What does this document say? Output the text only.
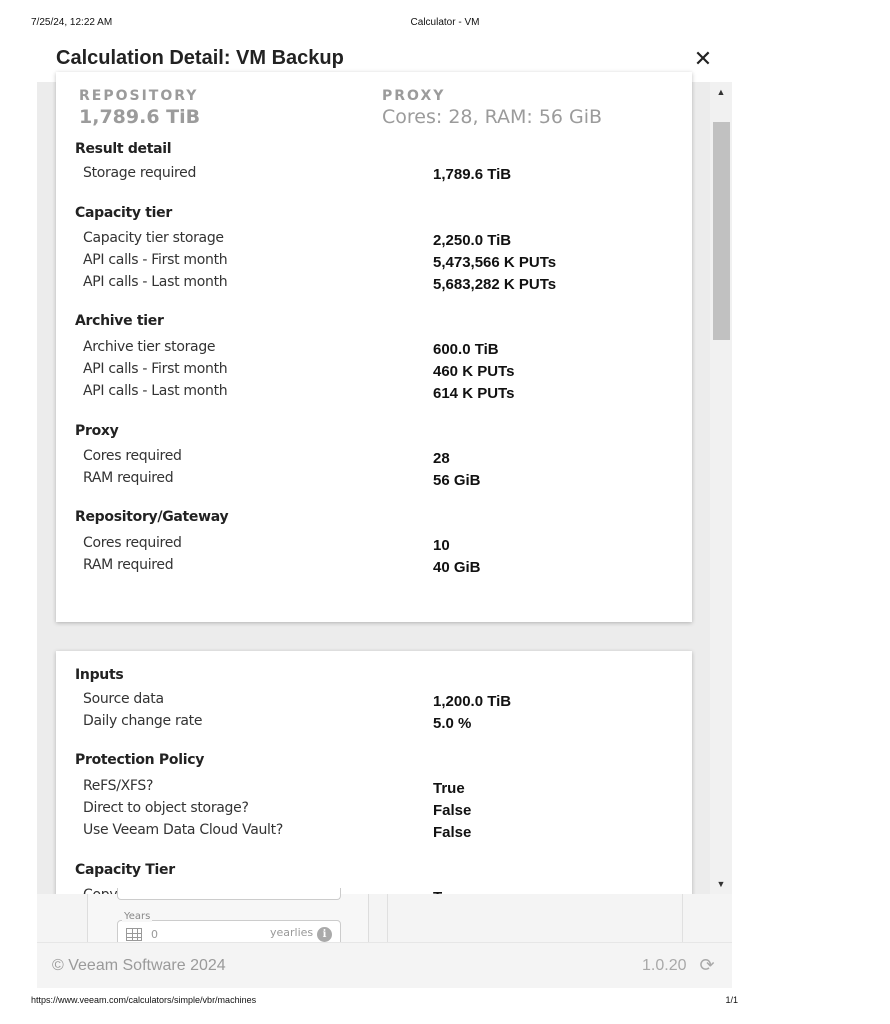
7/25/24, 12:22 AM	Calculator - VM
Calculation Detail: VM Backup	✕
REPOSITORY
1,789.6 TiB
PROXY
Cores: 28, RAM: 56 GiB
Result detail
Storage required	1,789.6 TiB
Capacity tier
Capacity tier storage	2,250.0 TiB
API calls - First month	5,473,566 K PUTs
API calls - Last month	5,683,282 K PUTs
Archive tier
Archive tier storage	600.0 TiB
API calls - First month	460 K PUTs
API calls - Last month	614 K PUTs
Proxy
Cores required	28
RAM required	56 GiB
Repository/Gateway
Cores required	10
RAM required	40 GiB
Inputs
Source data	1,200.0 TiB
Daily change rate	5.0 %
Protection Policy
ReFS/XFS?	True
Direct to object storage?	False
Use Veeam Data Cloud Vault?	False
Capacity Tier
▲
▼
0	yearlies i
Years
© Veeam Software 2024	1.0.20 ⟳
https://www.veeam.com/calculators/simple/vbr/machines	1/1
